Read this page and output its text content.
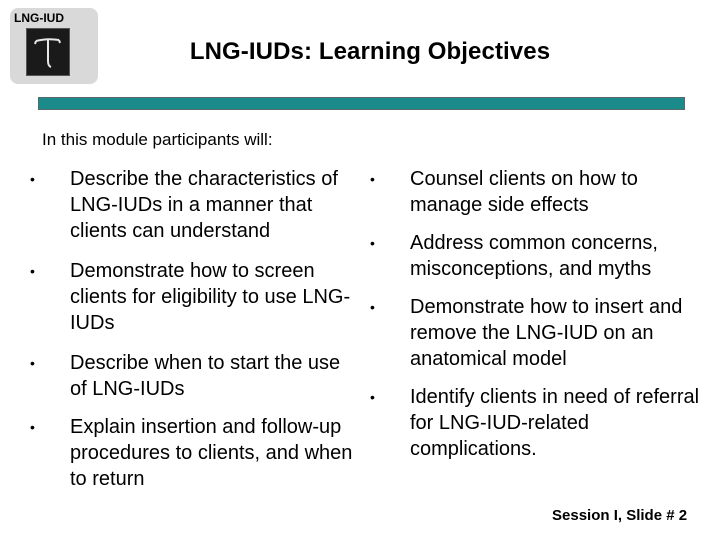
LNG-IUD
LNG-IUDs: Learning Objectives
In this module participants will:
•	Describe the characteristics of LNG-IUDs in a manner that clients can understand
•	Demonstrate how to screen clients for eligibility to use LNG-IUDs
•	Describe when to start the use of LNG-IUDs
•	Explain insertion and follow-up procedures to clients, and when to return
•	Counsel clients on how to manage side effects
•	Address common concerns, misconceptions, and myths
•	Demonstrate how to insert and remove the LNG-IUD on an anatomical model
•	Identify clients in need of referral for LNG-IUD-related complications.
Session I, Slide # 2
